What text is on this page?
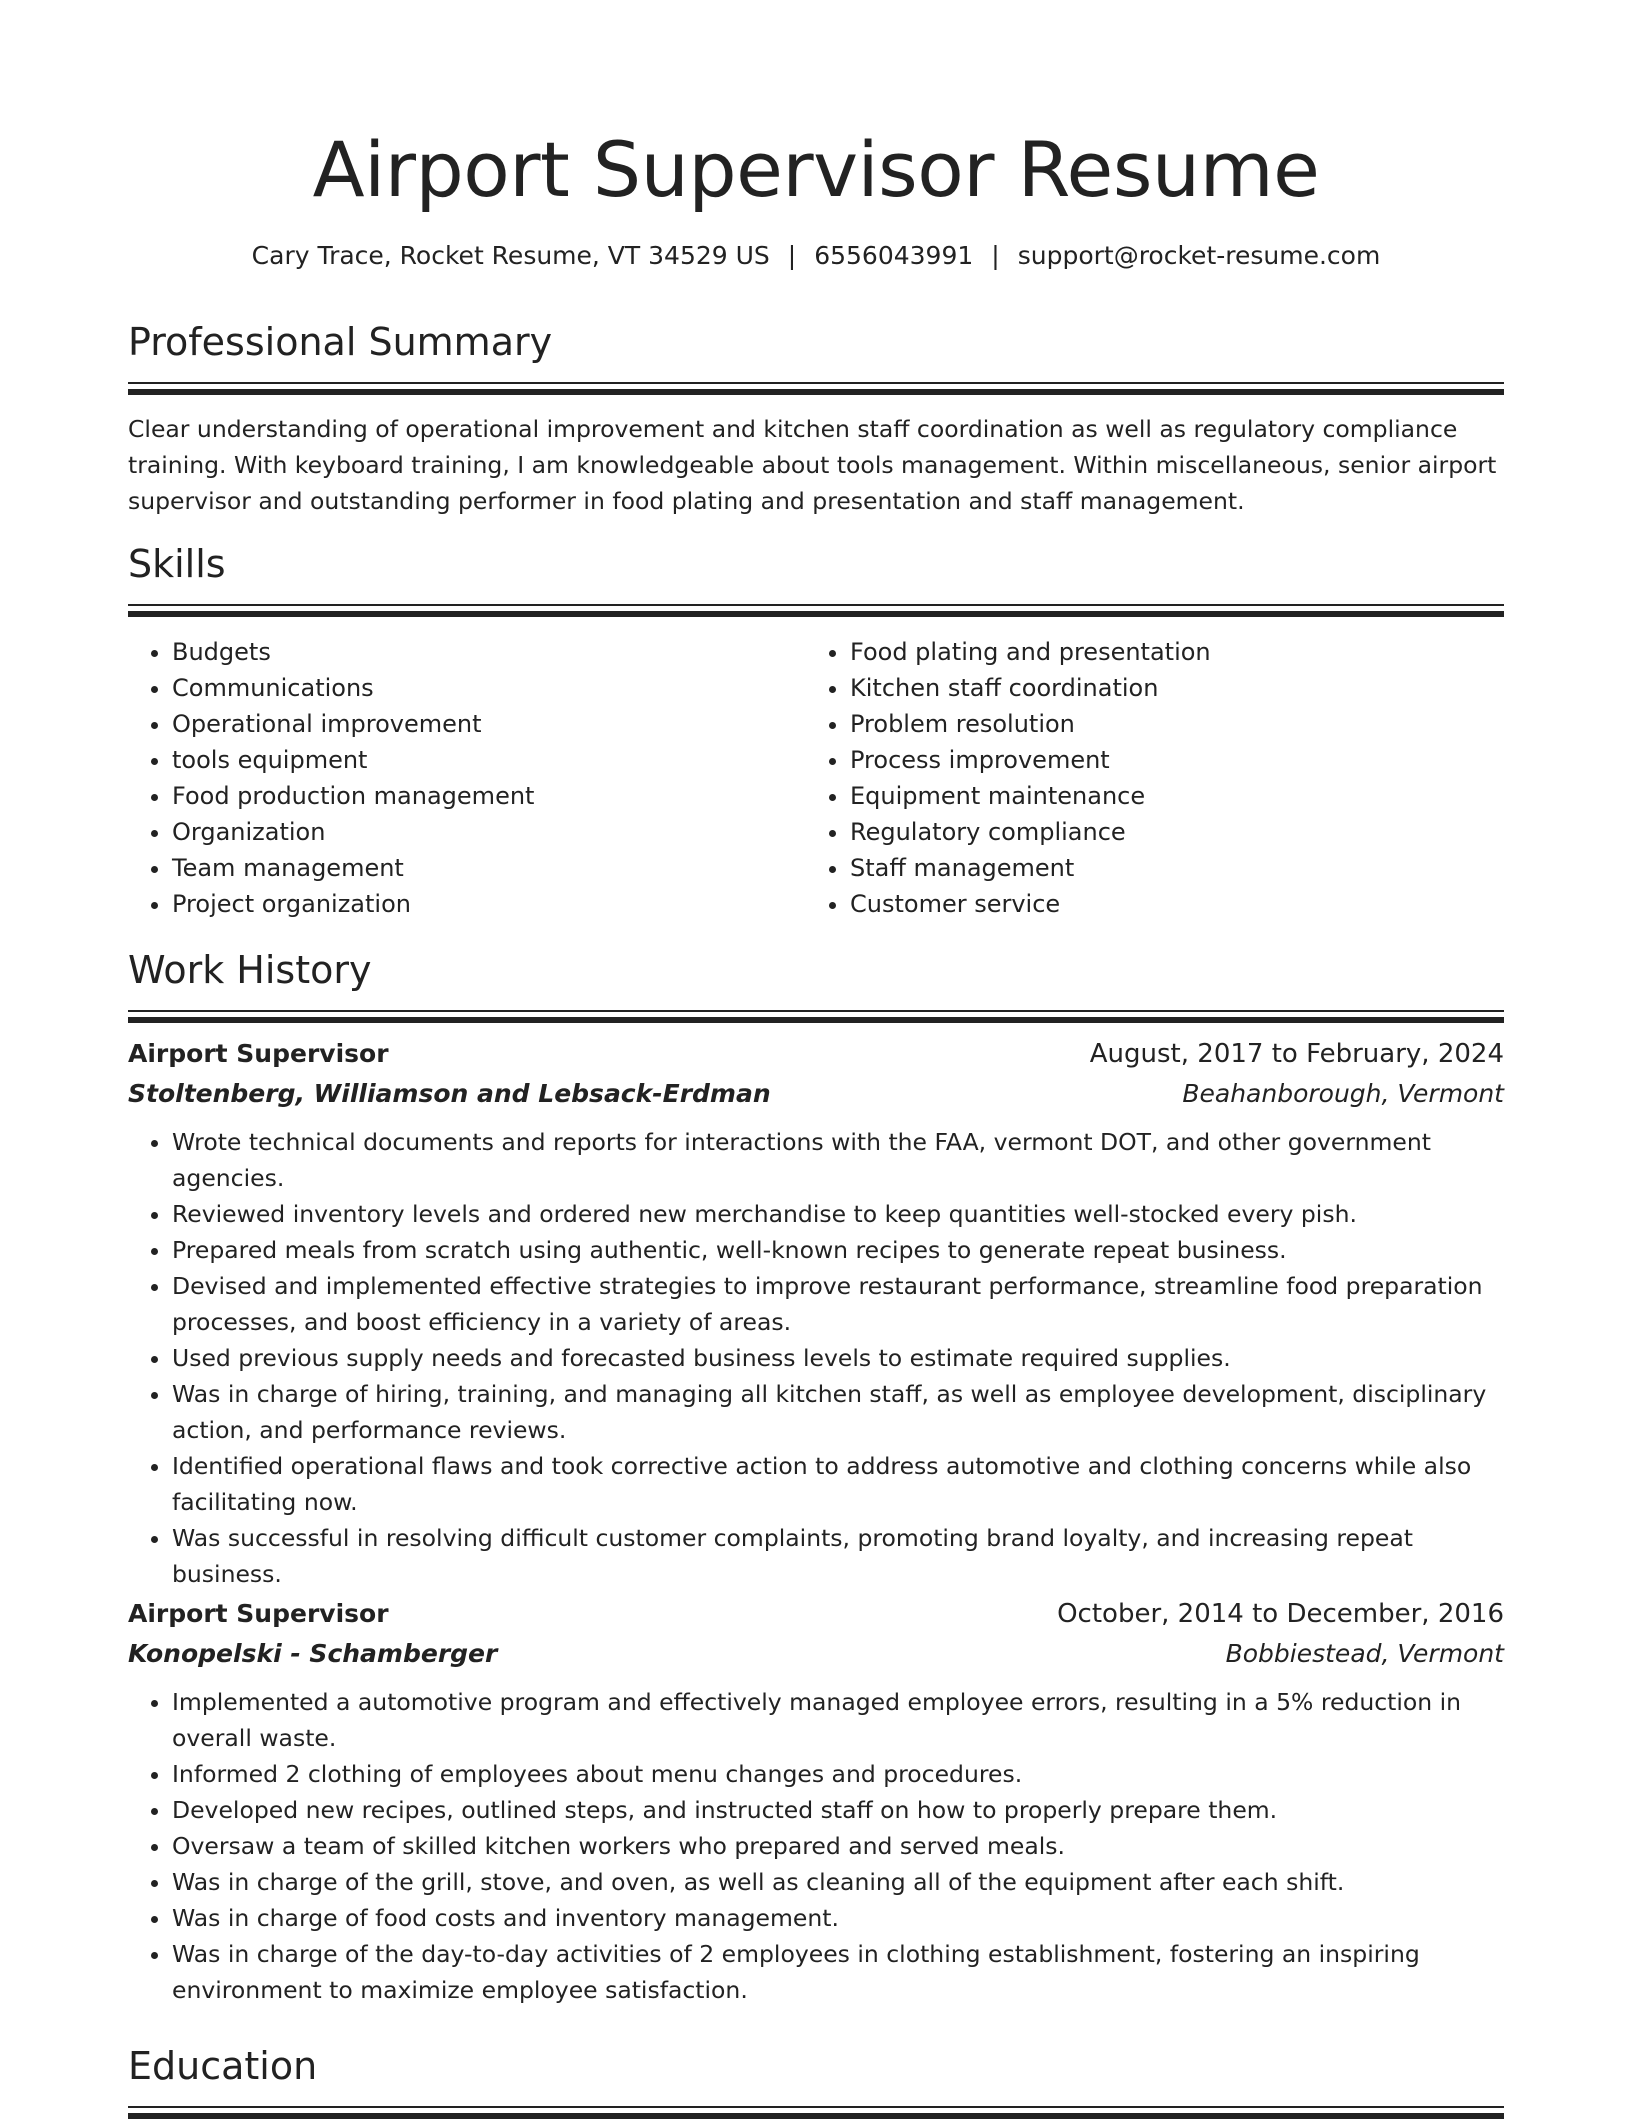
Airport Supervisor Resume
Cary Trace, Rocket Resume, VT 34529 US | 6556043991 | support@rocket-resume.com
Professional Summary
Clear understanding of operational improvement and kitchen staff coordination as well as regulatory compliance training. With keyboard training, I am knowledgeable about tools management. Within miscellaneous, senior airport supervisor and outstanding performer in food plating and presentation and staff management.
Skills
• Budgets
• Communications
• Operational improvement
• tools equipment
• Food production management
• Organization
• Team management
• Project organization
• Food plating and presentation
• Kitchen staff coordination
• Problem resolution
• Process improvement
• Equipment maintenance
• Regulatory compliance
• Staff management
• Customer service
Work History
Airport Supervisor	August, 2017 to February, 2024
Stoltenberg, Williamson and Lebsack-Erdman	Beahanborough, Vermont
• Wrote technical documents and reports for interactions with the FAA, vermont DOT, and other government agencies.
• Reviewed inventory levels and ordered new merchandise to keep quantities well-stocked every pish.
• Prepared meals from scratch using authentic, well-known recipes to generate repeat business.
• Devised and implemented effective strategies to improve restaurant performance, streamline food preparation processes, and boost efficiency in a variety of areas.
• Used previous supply needs and forecasted business levels to estimate required supplies.
• Was in charge of hiring, training, and managing all kitchen staff, as well as employee development, disciplinary action, and performance reviews.
• Identified operational flaws and took corrective action to address automotive and clothing concerns while also facilitating now.
• Was successful in resolving difficult customer complaints, promoting brand loyalty, and increasing repeat business.
Airport Supervisor	October, 2014 to December, 2016
Konopelski - Schamberger	Bobbiestead, Vermont
• Implemented a automotive program and effectively managed employee errors, resulting in a 5% reduction in overall waste.
• Informed 2 clothing of employees about menu changes and procedures.
• Developed new recipes, outlined steps, and instructed staff on how to properly prepare them.
• Oversaw a team of skilled kitchen workers who prepared and served meals.
• Was in charge of the grill, stove, and oven, as well as cleaning all of the equipment after each shift.
• Was in charge of food costs and inventory management.
• Was in charge of the day-to-day activities of 2 employees in clothing establishment, fostering an inspiring environment to maximize employee satisfaction.
Education
